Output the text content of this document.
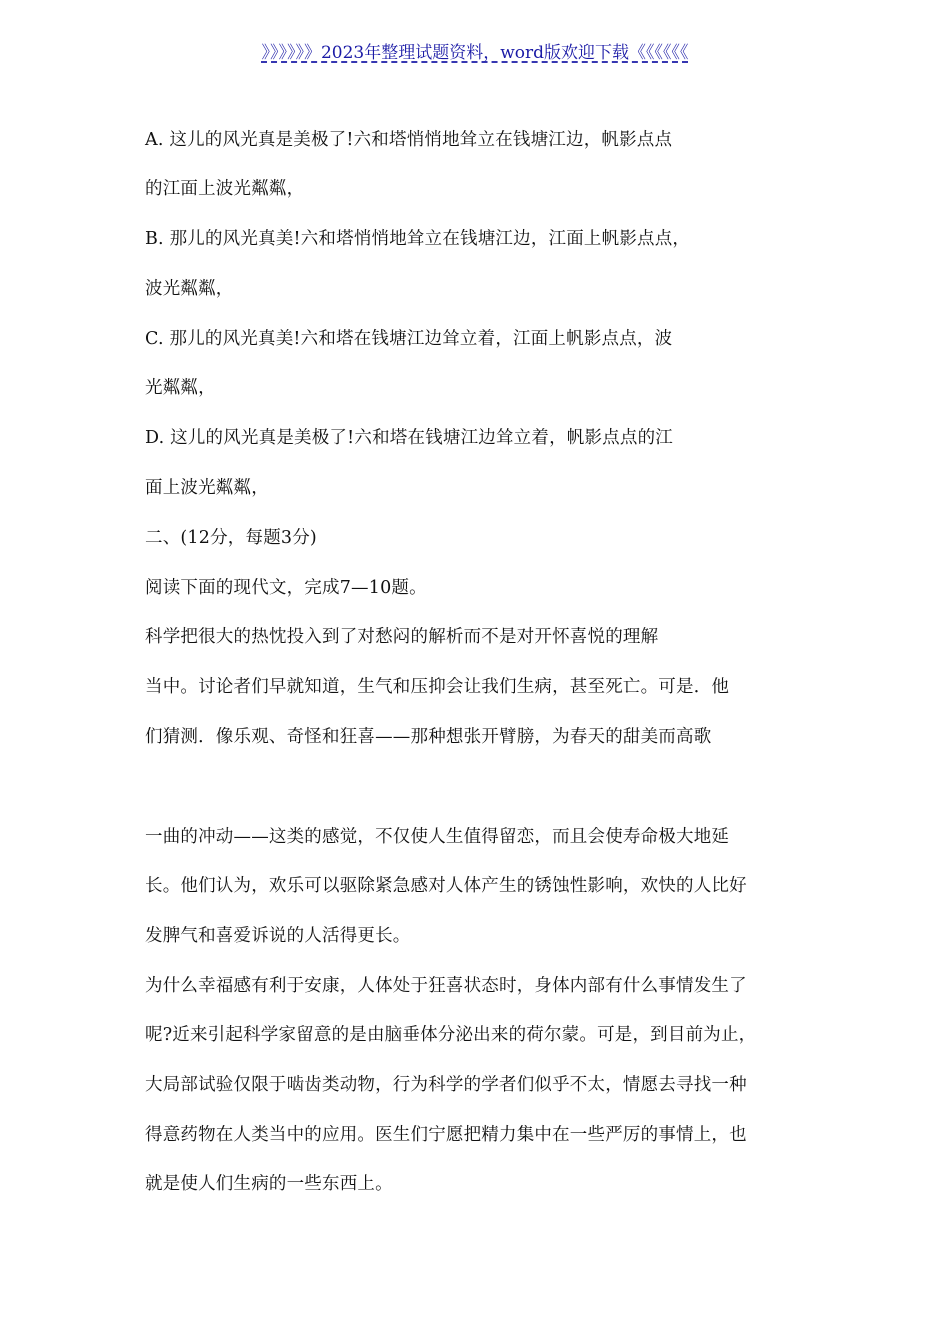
》》》》》》2023年整理试题资料，word版欢迎下载《《《《《《
A. 这儿的风光真是美极了!六和塔悄悄地耸立在钱塘江边，帆影点点
的江面上波光粼粼，
B. 那儿的风光真美!六和塔悄悄地耸立在钱塘江边，江面上帆影点点，
波光粼粼，
C. 那儿的风光真美!六和塔在钱塘江边耸立着，江面上帆影点点，波
光粼粼，
D. 这儿的风光真是美极了!六和塔在钱塘江边耸立着，帆影点点的江
面上波光粼粼，
二、(12分，每题3分)
阅读下面的现代文，完成7—10题。
科学把很大的热忱投入到了对愁闷的解析而不是对开怀喜悦的理解
当中。讨论者们早就知道，生气和压抑会让我们生病，甚至死亡。可是．他
们猜测．像乐观、奇怪和狂喜——那种想张开臂膀，为春天的甜美而高歌
一曲的冲动——这类的感觉，不仅使人生值得留恋，而且会使寿命极大地延
长。他们认为，欢乐可以驱除紧急感对人体产生的锈蚀性影响，欢快的人比好
发脾气和喜爱诉说的人活得更长。
为什么幸福感有利于安康，人体处于狂喜状态时，身体内部有什么事情发生了
呢?近来引起科学家留意的是由脑垂体分泌出来的荷尔蒙。可是，到目前为止，
大局部试验仅限于啮齿类动物，行为科学的学者们似乎不太，情愿去寻找一种
得意药物在人类当中的应用。医生们宁愿把精力集中在一些严厉的事情上，也
就是使人们生病的一些东西上。
